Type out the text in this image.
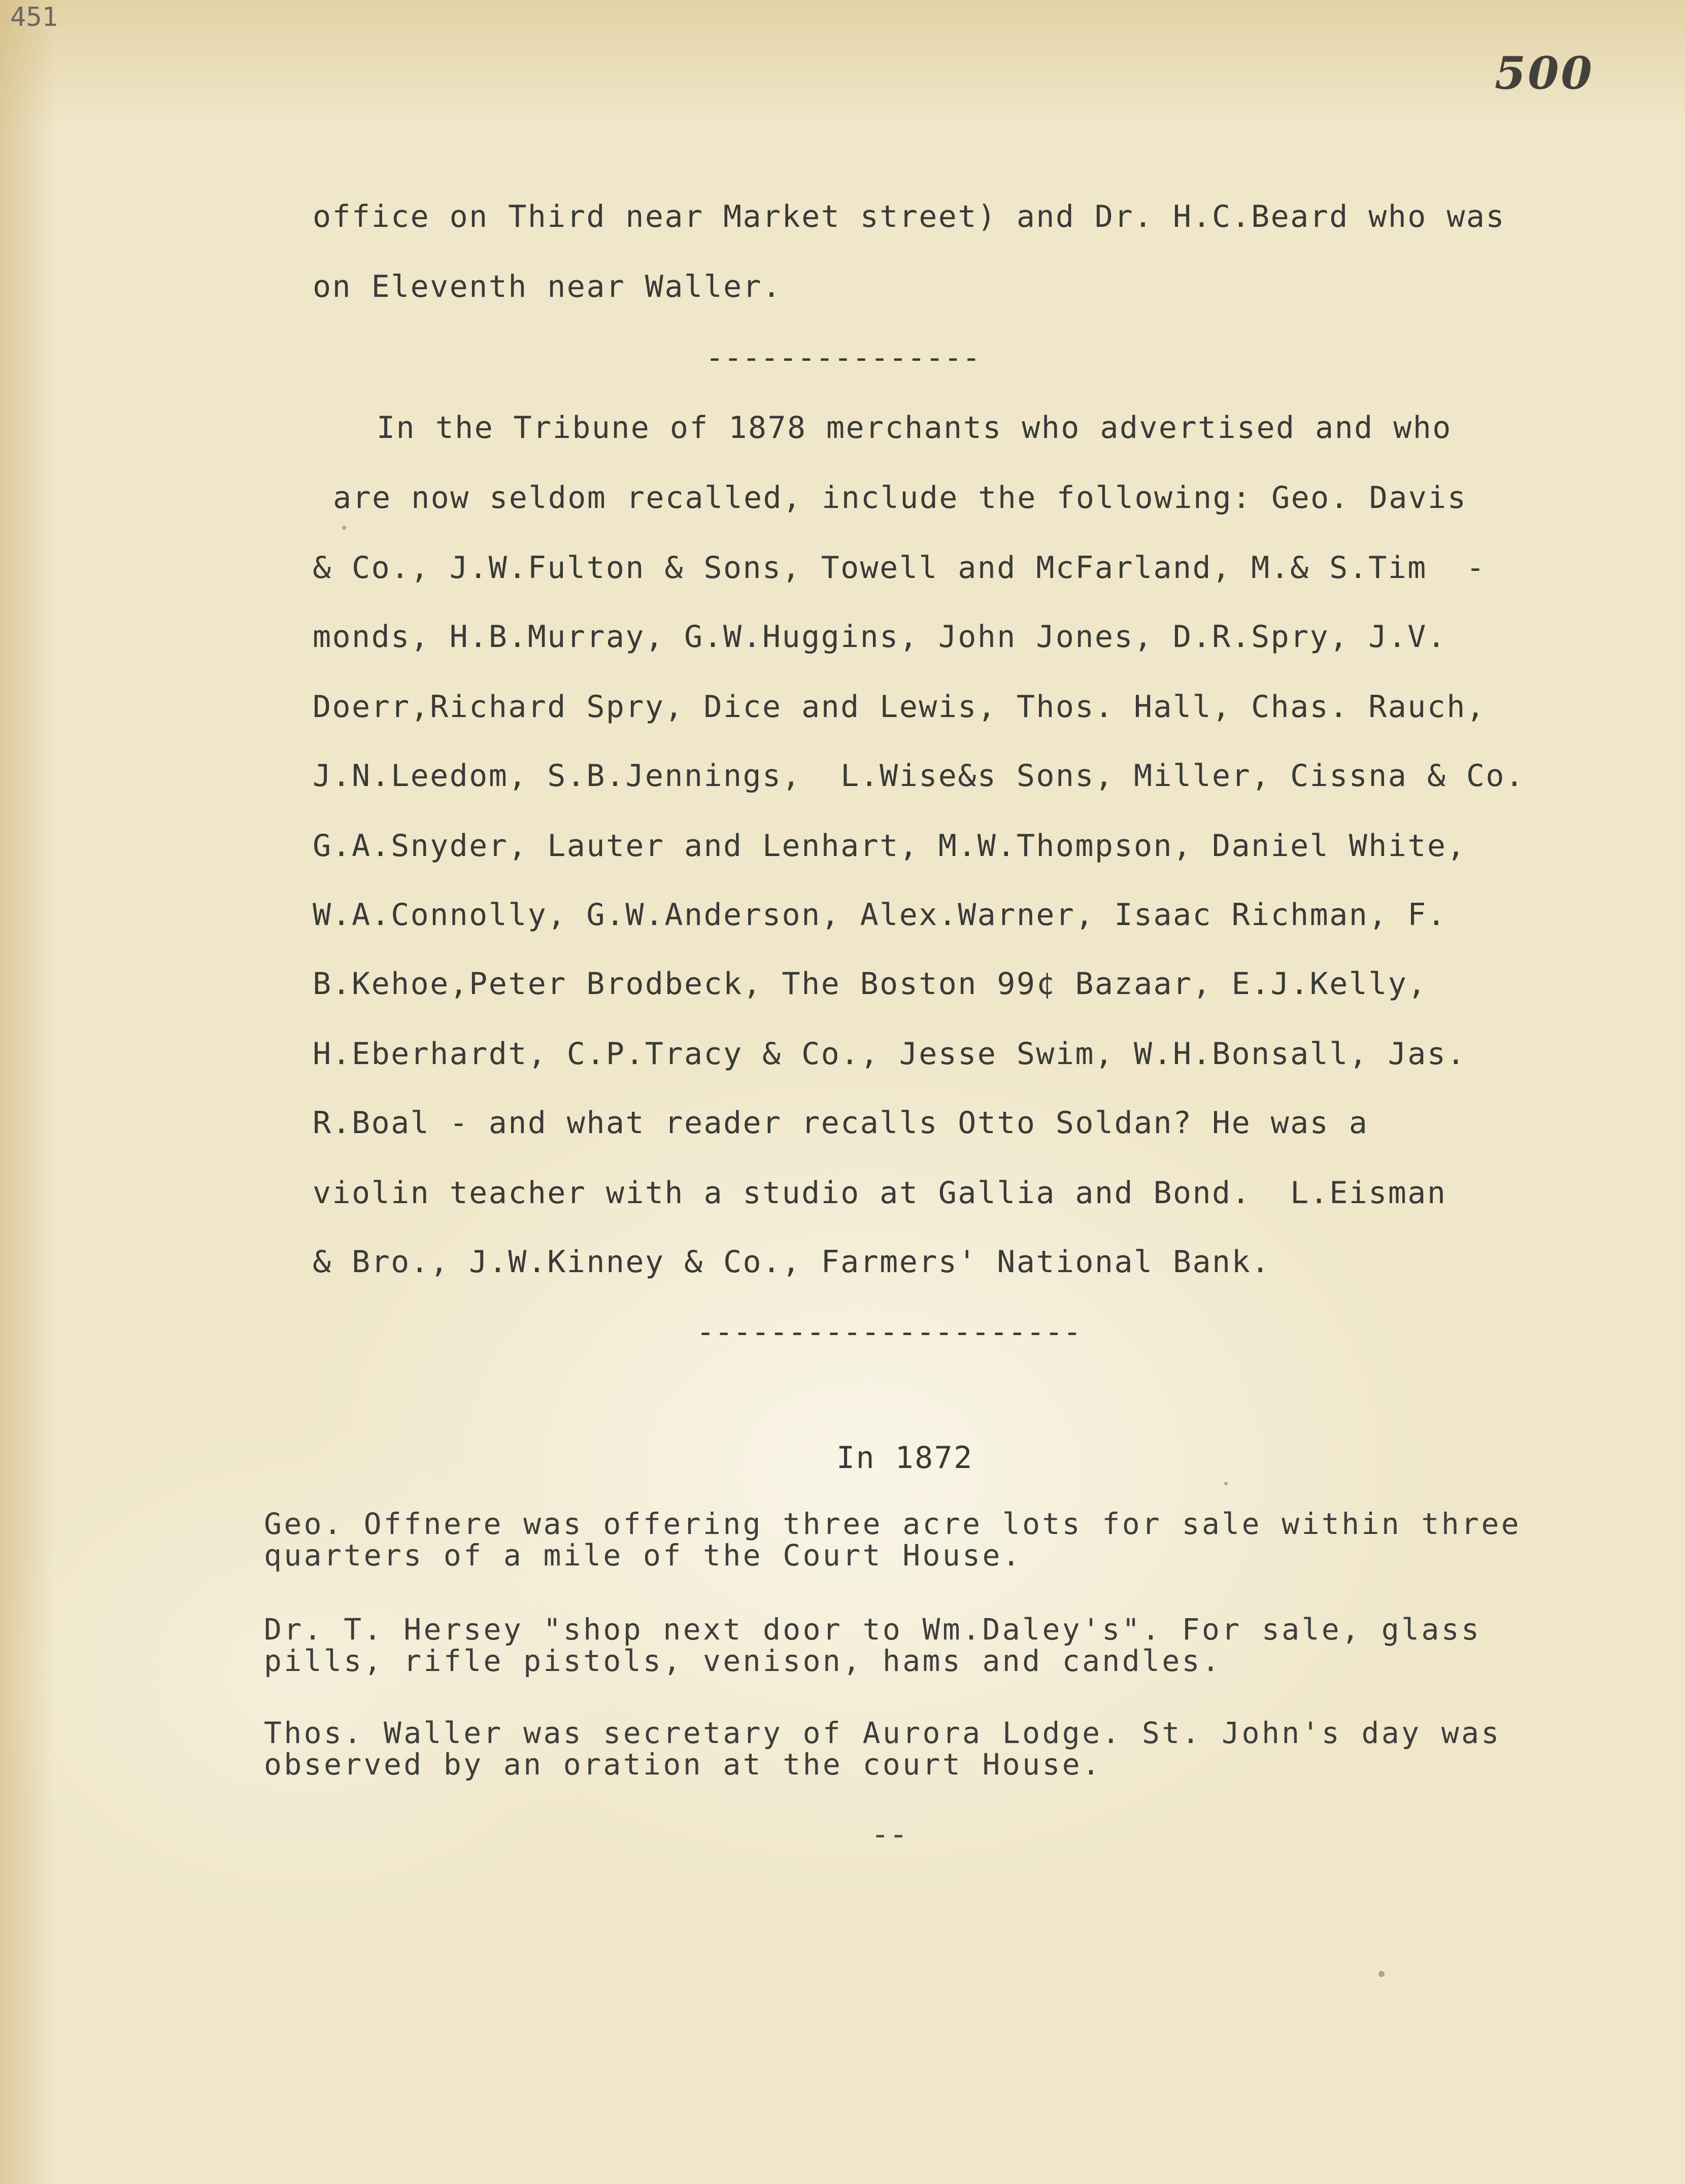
451

500

office on Third near Market street) and Dr. H.C.Beard who was

on Eleventh near Waller.

---------------

In the Tribune of 1878 merchants who advertised and who

are now seldom recalled, include the following: Geo. Davis

& Co., J.W.Fulton & Sons, Towell and McFarland, M.& S.Tim  -

monds, H.B.Murray, G.W.Huggins, John Jones, D.R.Spry, J.V.

Doerr,Richard Spry, Dice and Lewis, Thos. Hall, Chas. Rauch,

J.N.Leedom, S.B.Jennings,  L.Wise&s Sons, Miller, Cissna & Co.

G.A.Snyder, Lauter and Lenhart, M.W.Thompson, Daniel White,

W.A.Connolly, G.W.Anderson, Alex.Warner, Isaac Richman, F.

B.Kehoe,Peter Brodbeck, The Boston 99¢ Bazaar, E.J.Kelly,

H.Eberhardt, C.P.Tracy & Co., Jesse Swim, W.H.Bonsall, Jas.

R.Boal - and what reader recalls Otto Soldan? He was a

violin teacher with a studio at Gallia and Bond.  L.Eisman

& Bro., J.W.Kinney & Co., Farmers' National Bank.

---------------------

In 1872

Geo. Offnere was offering three acre lots for sale within three quarters of a mile of the Court House.

Dr. T. Hersey "shop next door to Wm.Daley's". For sale, glass pills, rifle pistols, venison, hams and candles.

Thos. Waller was secretary of Aurora Lodge. St. John's day was observed by an oration at the court House.

--
